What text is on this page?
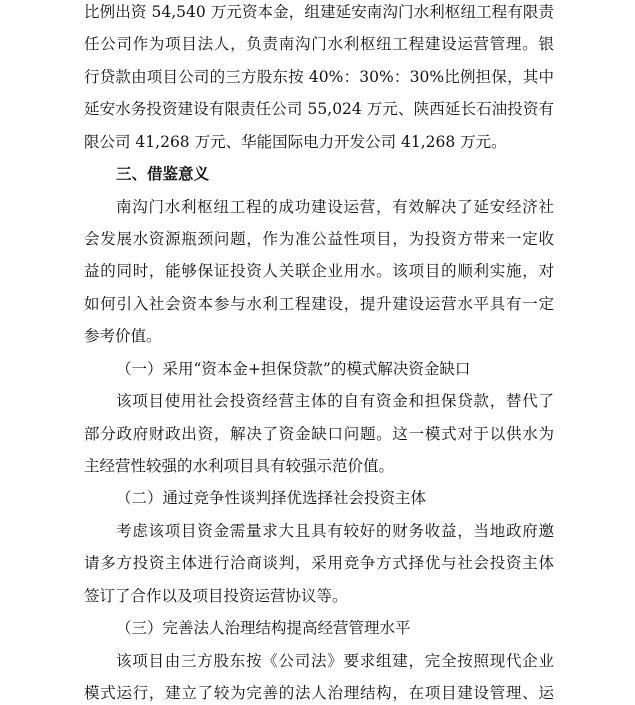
比例出资 54,540 万元资本金，组建延安南沟门水利枢纽工程有限责
任公司作为项目法人，负责南沟门水利枢纽工程建设运营管理。银
行贷款由项目公司的三方股东按 40%：30%：30%比例担保，其中
延安水务投资建设有限责任公司 55,024 万元、陕西延长石油投资有
限公司 41,268 万元、华能国际电力开发公司 41,268 万元。
三、借鉴意义
南沟门水利枢纽工程的成功建设运营，有效解决了延安经济社
会发展水资源瓶颈问题，作为准公益性项目，为投资方带来一定收
益的同时，能够保证投资人关联企业用水。该项目的顺利实施，对
如何引入社会资本参与水利工程建设，提升建设运营水平具有一定
参考价值。
（一）采用“资本金+担保贷款”的模式解决资金缺口
该项目使用社会投资经营主体的自有资金和担保贷款，替代了
部分政府财政出资，解决了资金缺口问题。这一模式对于以供水为
主经营性较强的水利项目具有较强示范价值。
（二）通过竞争性谈判择优选择社会投资主体
考虑该项目资金需量求大且具有较好的财务收益，当地政府邀
请多方投资主体进行洽商谈判，采用竞争方式择优与社会投资主体
签订了合作以及项目投资运营协议等。
（三）完善法人治理结构提高经营管理水平
该项目由三方股东按《公司法》要求组建，完全按照现代企业
模式运行，建立了较为完善的法人治理结构，在项目建设管理、运
